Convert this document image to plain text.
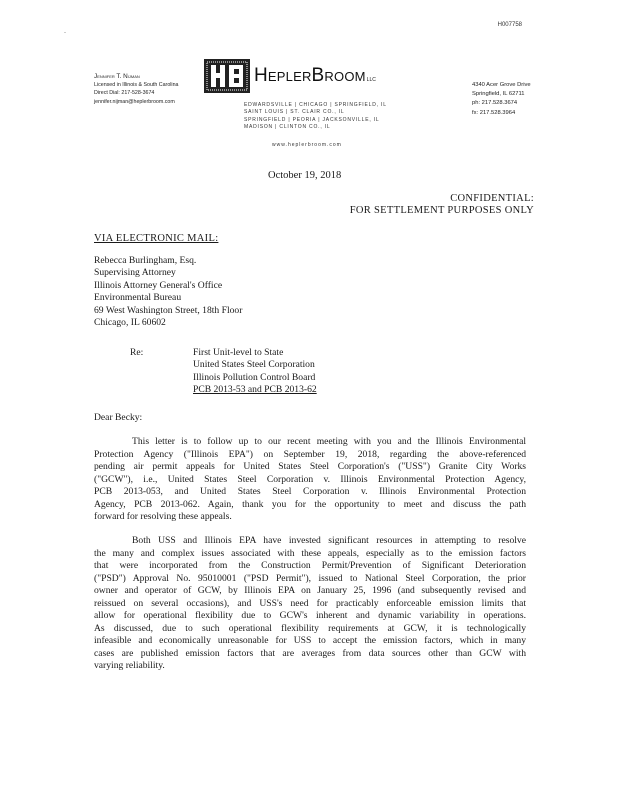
H007758
-
Jennifer T. Nijman
Licensed in Illinois & South Carolina
Direct Dial: 217-528-3674
jennifer.nijman@heplerbroom.com
HeplerBroomLLC
EDWARDSVILLE | CHICAGO | SPRINGFIELD, IL
SAINT LOUIS | ST. CLAIR CO., IL
SPRINGFIELD | PEORIA | JACKSONVILLE, IL
MADISON | CLINTON CO., IL
www.heplerbroom.com
4340 Acer Grove Drive
Springfield, IL 62711
ph: 217.528.3674
fx: 217.528.3964
October 19, 2018
CONFIDENTIAL:
FOR SETTLEMENT PURPOSES ONLY
VIA ELECTRONIC MAIL:
Rebecca Burlingham, Esq.
Supervising Attorney
Illinois Attorney General's Office
Environmental Bureau
69 West Washington Street, 18th Floor
Chicago, IL 60602
Re:	First Unit-level to State
United States Steel Corporation
Illinois Pollution Control Board
PCB 2013-53 and PCB 2013-62
Dear Becky:
This letter is to follow up to our recent meeting with you and the Illinois Environmental
Protection Agency ("Illinois EPA") on September 19, 2018, regarding the above-referenced
pending air permit appeals for United States Steel Corporation's ("USS") Granite City Works
("GCW"), i.e., United States Steel Corporation v. Illinois Environmental Protection Agency,
PCB 2013-053, and United States Steel Corporation v. Illinois Environmental Protection
Agency, PCB 2013-062. Again, thank you for the opportunity to meet and discuss the path
forward for resolving these appeals.
Both USS and Illinois EPA have invested significant resources in attempting to resolve
the many and complex issues associated with these appeals, especially as to the emission factors
that were incorporated from the Construction Permit/Prevention of Significant Deterioration
("PSD") Approval No. 95010001 ("PSD Permit"), issued to National Steel Corporation, the prior
owner and operator of GCW, by Illinois EPA on January 25, 1996 (and subsequently revised and
reissued on several occasions), and USS's need for practicably enforceable emission limits that
allow for operational flexibility due to GCW's inherent and dynamic variability in operations.
As discussed, due to such operational flexibility requirements at GCW, it is technologically
infeasible and economically unreasonable for USS to accept the emission factors, which in many
cases are published emission factors that are averages from data sources other than GCW with
varying reliability.
